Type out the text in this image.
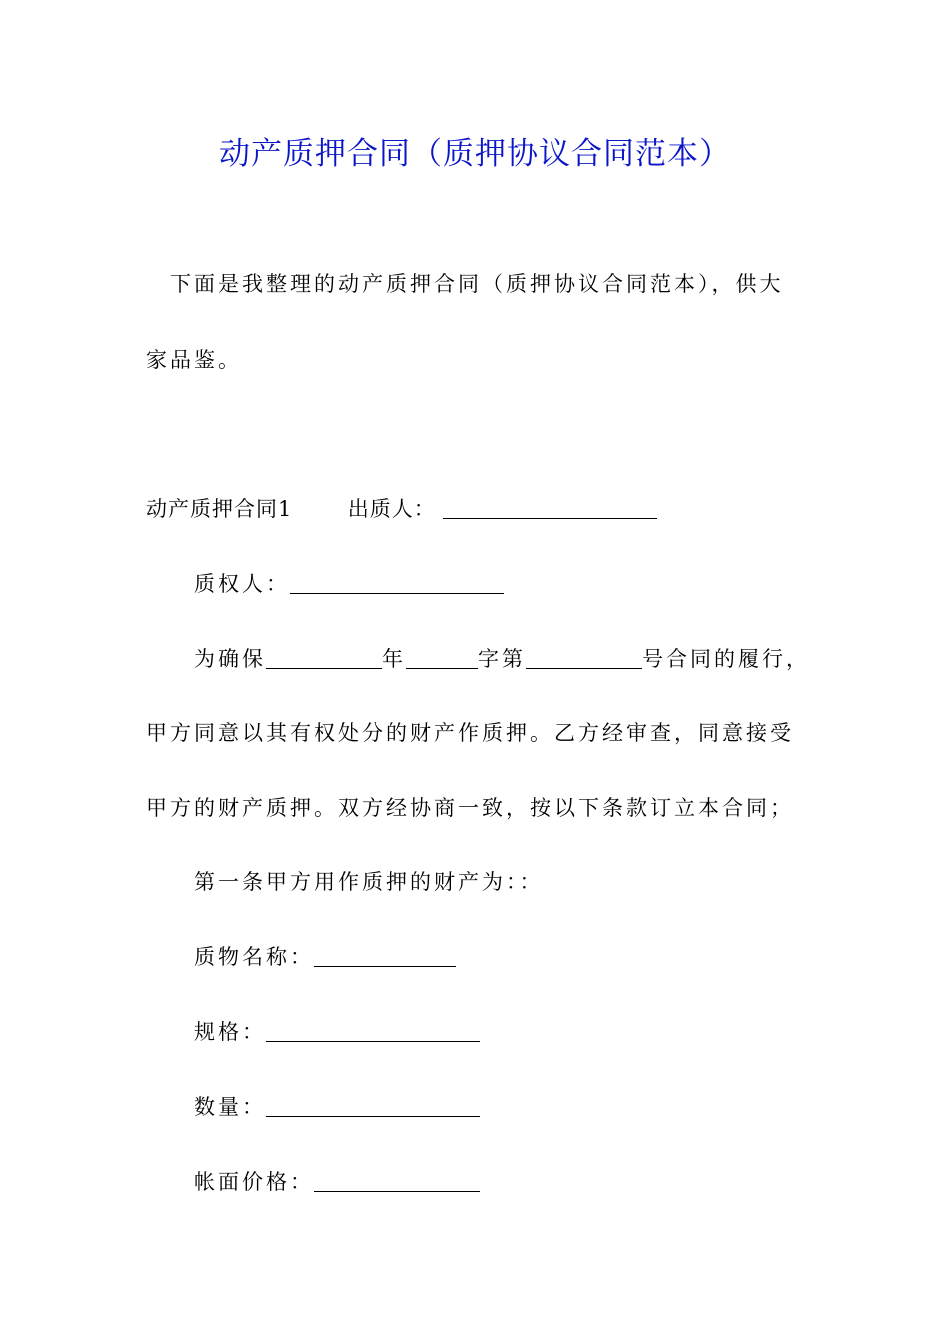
动产质押合同（质押协议合同范本）
下面是我整理的动产质押合同（质押协议合同范本），供大
家品鉴。
动产质押合同1	出质人：
质权人：
为确保	年	字第	号合同的履行，
甲方同意以其有权处分的财产作质押。乙方经审查，同意接受
甲方的财产质押。双方经协商一致，按以下条款订立本合同；
第一条甲方用作质押的财产为：：
质物名称：
规格：
数量：
帐面价格：
